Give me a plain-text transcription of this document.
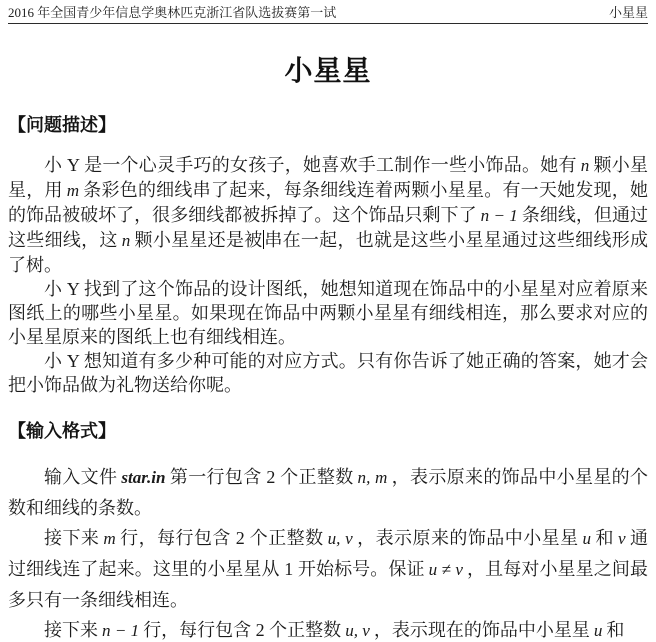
2016 年全国青少年信息学奥林匹克浙江省队选拔赛第一试	小星星
小星星
【问题描述】

小 Y 是一个心灵手巧的女孩子，她喜欢手工制作一些小饰品。她有 n 颗小星星，用 m 条彩色的细线串了起来，每条细线连着两颗小星星。有一天她发现，她的饰品被破坏了，很多细线都被拆掉了。这个饰品只剩下了 n − 1 条细线，但通过这些细线，这 n 颗小星星还是被串在一起，也就是这些小星星通过这些细线形成了树。

小 Y 找到了这个饰品的设计图纸，她想知道现在饰品中的小星星对应着原来图纸上的哪些小星星。如果现在饰品中两颗小星星有细线相连，那么要求对应的小星星原来的图纸上也有细线相连。

小 Y 想知道有多少种可能的对应方式。只有你告诉了她正确的答案，她才会把小饰品做为礼物送给你呢。

【输入格式】

输入文件 star.in 第一行包含 2 个正整数 n, m ，表示原来的饰品中小星星的个数和细线的条数。

接下来 m 行，每行包含 2 个正整数 u, v ，表示原来的饰品中小星星 u 和 v 通过细线连了起来。这里的小星星从 1 开始标号。保证 u ≠ v ，且每对小星星之间最多只有一条细线相连。

接下来 n − 1 行，每行包含 2 个正整数 u, v ，表示现在的饰品中小星星 u 和
